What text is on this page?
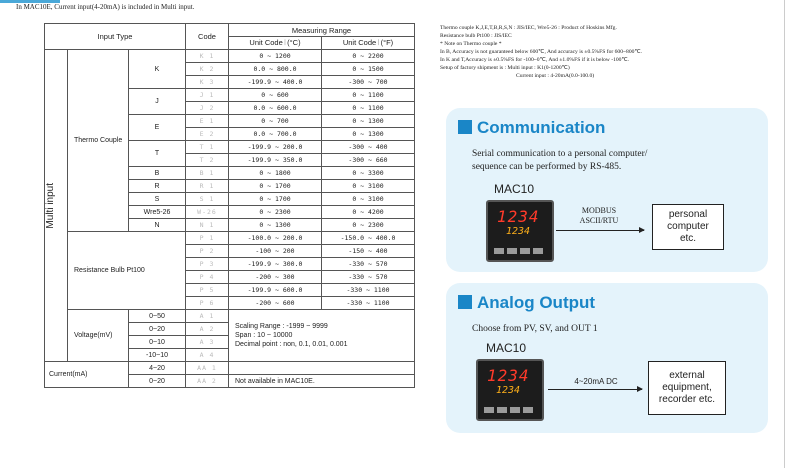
In MAC10E, Current input(4-20mA) is included in Multi input.
Input Type			Code	Measuring Range	
				Unit Code 𝄀 (°C)	Unit Code 𝄀 (°F)

Multi input	Thermo Couple	K	K 1	0 ~ 1200	0 ~ 2200
			K 2	0.0 ~ 800.0	0 ~ 1500
			K 3	-199.9 ~ 400.0	-300 ~ 700
		J	J 1	0 ~ 600	0 ~ 1100
			J 2	0.0 ~ 600.0	0 ~ 1100
		E	E 1	0 ~ 700	0 ~ 1300
			E 2	0.0 ~ 700.0	0 ~ 1300
		T	T 1	-199.9 ~ 200.0	-300 ~ 400
			T 2	-199.9 ~ 350.0	-300 ~ 660
		B	B 1	0 ~ 1800	0 ~ 3300
		R	R 1	0 ~ 1700	0 ~ 3100
		S	S 1	0 ~ 1700	0 ~ 3100
		Wre5-26	W-26	0 ~ 2300	0 ~ 4200
		N	N 1	0 ~ 1300	0 ~ 2300
	Resistance Bulb Pt100		P 1	-100.0 ~ 200.0	-150.0 ~ 400.0
			P 2	-100 ~ 200	-150 ~ 400
			P 3	-199.9 ~ 300.0	-330 ~ 570
			P 4	-200 ~ 300	-330 ~ 570
			P 5	-199.9 ~ 600.0	-330 ~ 1100
			P 6	-200 ~ 600	-330 ~ 1100
	Voltage(mV)	0~50	A 1	Scaling Range : -1999 ~ 9999
Span : 10 ~ 10000
Decimal point : non, 0.1, 0.01, 0.001	

		0~20	A 2		
		0~10	A 3		
		-10~10	A 4		
Current(mA)		4~20	AA 1		
		0~20	AA 2	Not available in MAC10E.	
Thermo couple K,J,E,T,B,R,S,N : JIS/IEC, Wre5-26 : Product of Hoskins Mfg.
Resistance bulb Pt100 : JIS/IEC
* Note on Thermo couple *
In B, Accuracy is not guaranteed below 600℃, And accuracy is ±0.5%FS for 600~800℃.
In K and T,Accuracy is ±0.5%FS for -100~0℃, And ±1.0%FS if it is below -100℃.
Setup of factory shipment is : Multi input : K1(0-1200℃)
Current input : 4-20mA(0.0-100.0)
Communication
Serial communication to a personal computer/
sequence can be performed by RS-485.
MAC10
1234
1234
MODBUS
ASCII/RTU
personal
computer
etc.
Analog Output
Choose from PV, SV, and OUT 1
MAC10
1234
1234
4~20mA DC
external
equipment,
recorder etc.
